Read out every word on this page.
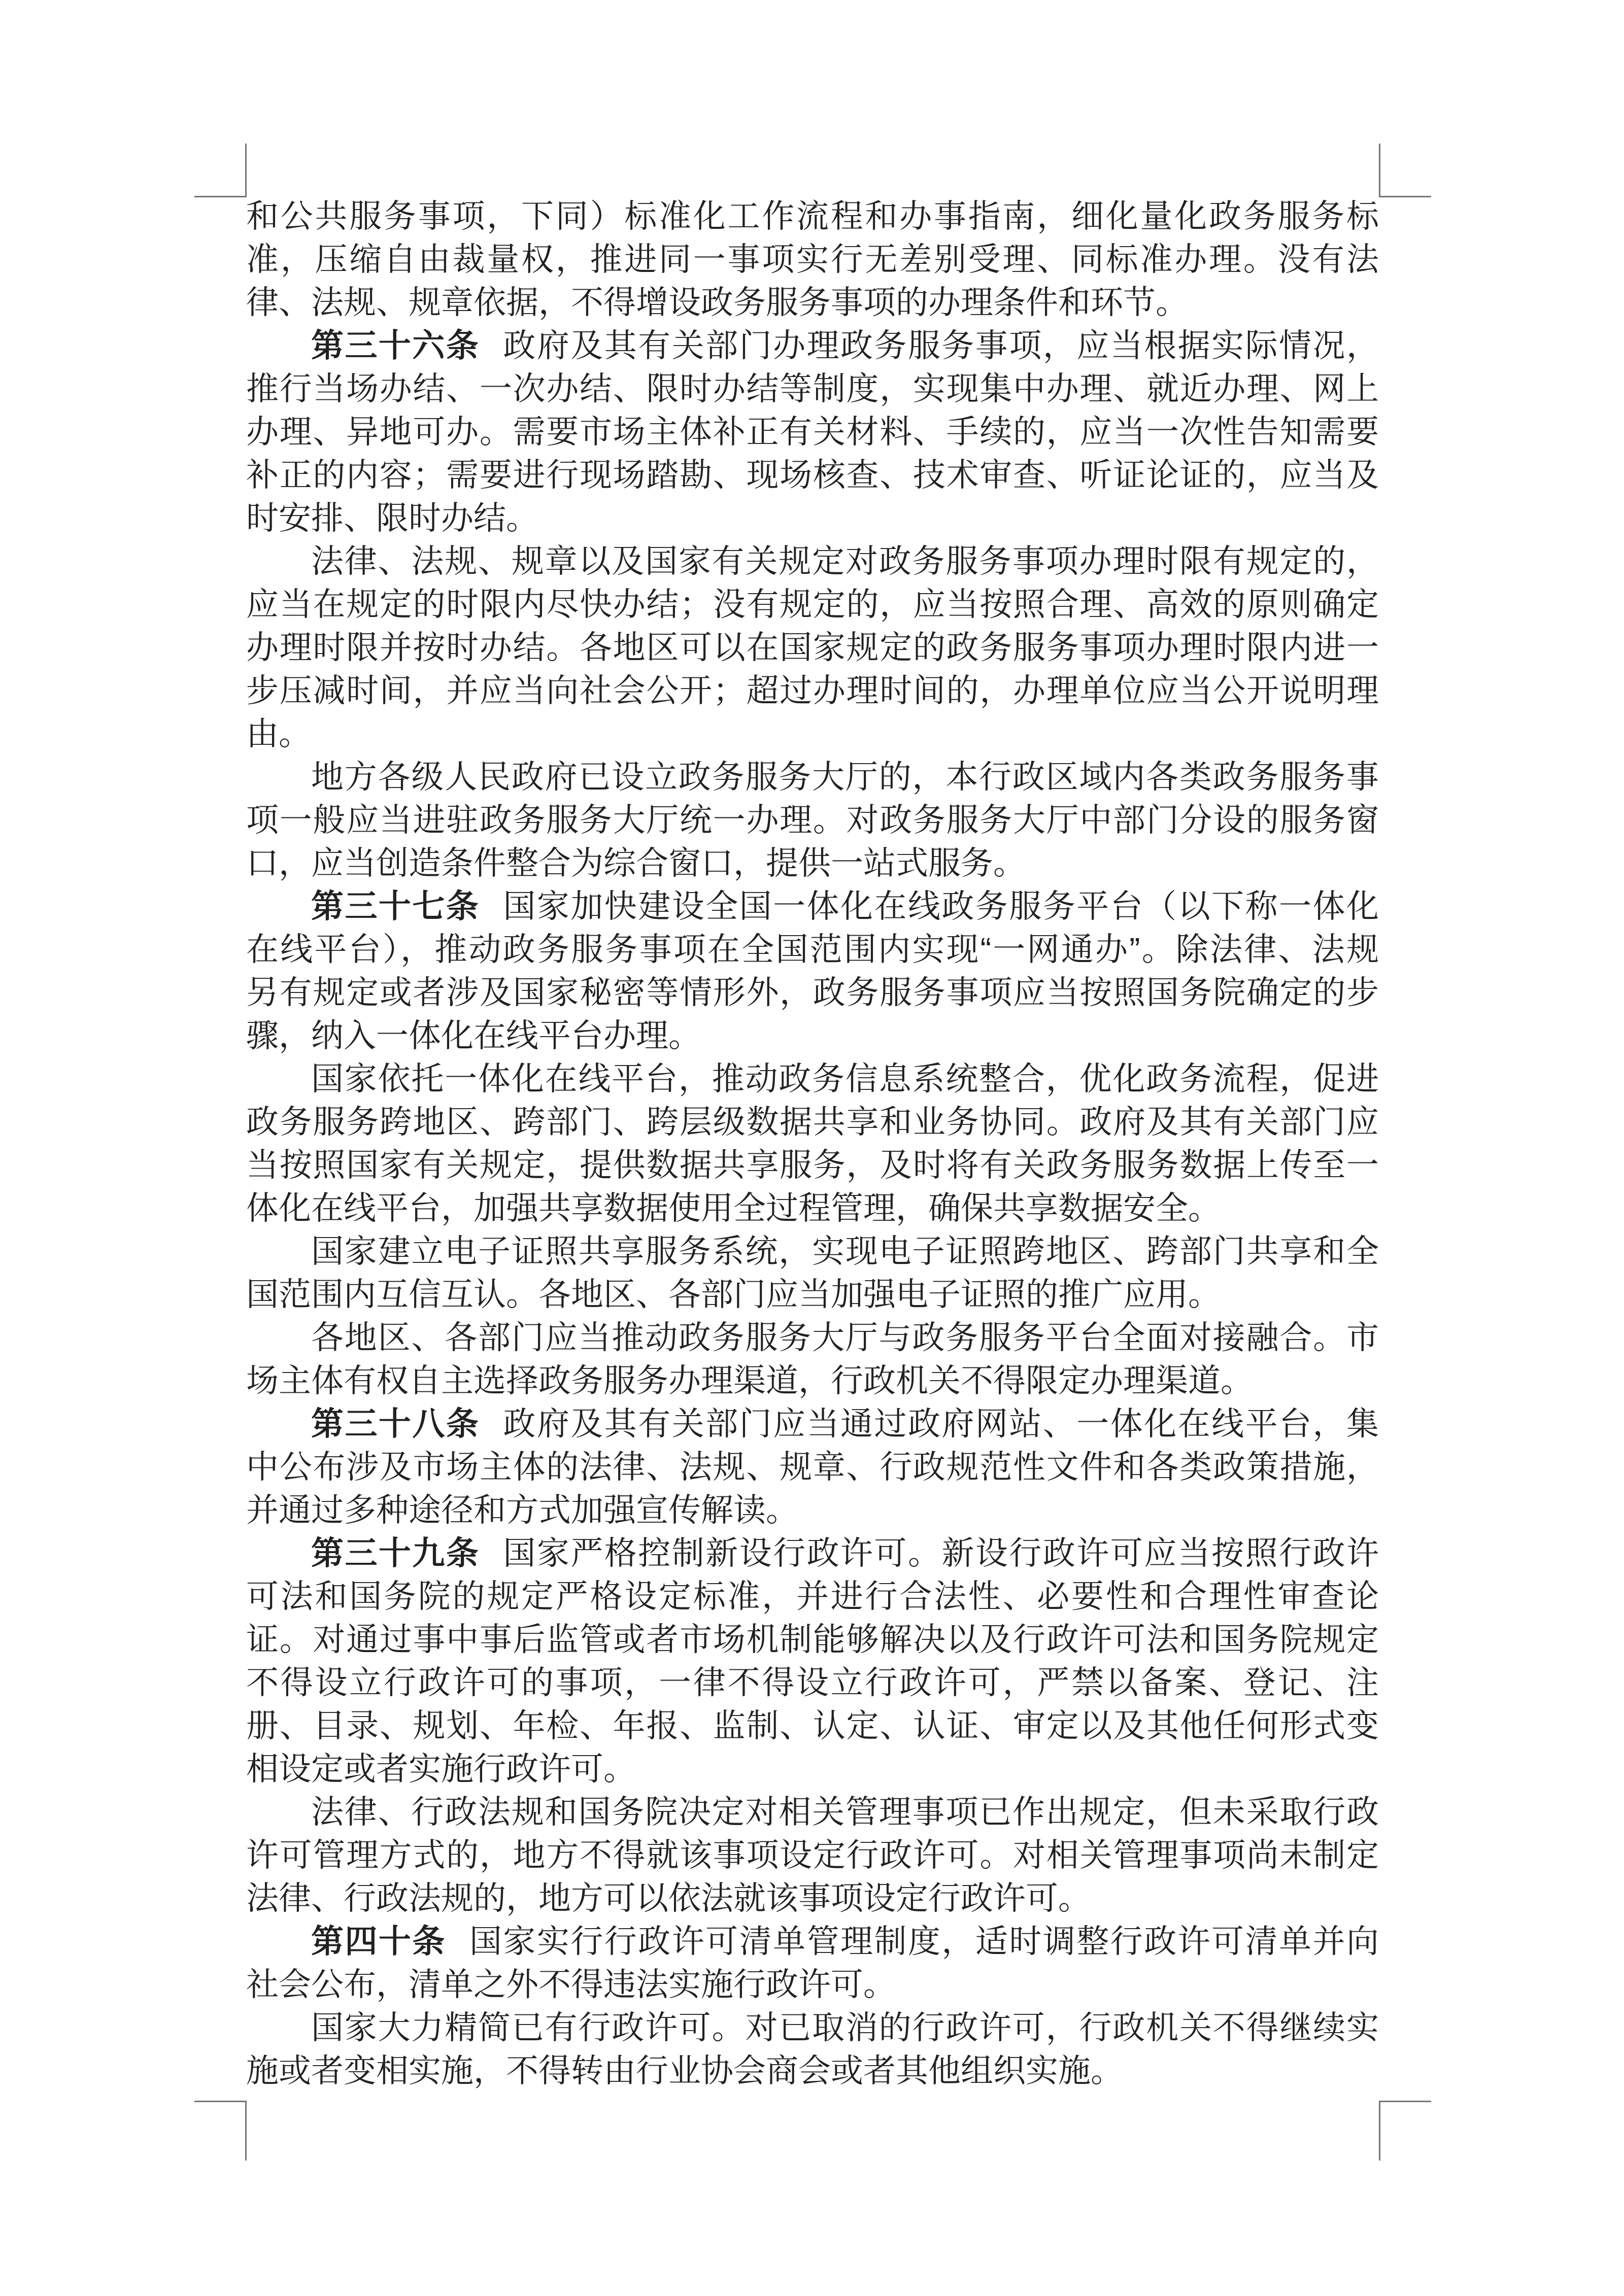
和公共服务事项，下同）标准化工作流程和办事指南，细化量化政务服务标
准，压缩自由裁量权，推进同一事项实行无差别受理、同标准办理。没有法
律、法规、规章依据，不得增设政务服务事项的办理条件和环节。
第三十六条 政府及其有关部门办理政务服务事项，应当根据实际情况，
推行当场办结、一次办结、限时办结等制度，实现集中办理、就近办理、网上
办理、异地可办。需要市场主体补正有关材料、手续的，应当一次性告知需要
补正的内容；需要进行现场踏勘、现场核查、技术审查、听证论证的，应当及
时安排、限时办结。
法律、法规、规章以及国家有关规定对政务服务事项办理时限有规定的，
应当在规定的时限内尽快办结；没有规定的，应当按照合理、高效的原则确定
办理时限并按时办结。各地区可以在国家规定的政务服务事项办理时限内进一
步压减时间，并应当向社会公开；超过办理时间的，办理单位应当公开说明理
由。
地方各级人民政府已设立政务服务大厅的，本行政区域内各类政务服务事
项一般应当进驻政务服务大厅统一办理。对政务服务大厅中部门分设的服务窗
口，应当创造条件整合为综合窗口，提供一站式服务。
第三十七条 国家加快建设全国一体化在线政务服务平台（以下称一体化
在线平台），推动政务服务事项在全国范围内实现“一网通办”。除法律、法规
另有规定或者涉及国家秘密等情形外，政务服务事项应当按照国务院确定的步
骤，纳入一体化在线平台办理。
国家依托一体化在线平台，推动政务信息系统整合，优化政务流程，促进
政务服务跨地区、跨部门、跨层级数据共享和业务协同。政府及其有关部门应
当按照国家有关规定，提供数据共享服务，及时将有关政务服务数据上传至一
体化在线平台，加强共享数据使用全过程管理，确保共享数据安全。
国家建立电子证照共享服务系统，实现电子证照跨地区、跨部门共享和全
国范围内互信互认。各地区、各部门应当加强电子证照的推广应用。
各地区、各部门应当推动政务服务大厅与政务服务平台全面对接融合。市
场主体有权自主选择政务服务办理渠道，行政机关不得限定办理渠道。
第三十八条 政府及其有关部门应当通过政府网站、一体化在线平台，集
中公布涉及市场主体的法律、法规、规章、行政规范性文件和各类政策措施，
并通过多种途径和方式加强宣传解读。
第三十九条 国家严格控制新设行政许可。新设行政许可应当按照行政许
可法和国务院的规定严格设定标准，并进行合法性、必要性和合理性审查论
证。对通过事中事后监管或者市场机制能够解决以及行政许可法和国务院规定
不得设立行政许可的事项，一律不得设立行政许可，严禁以备案、登记、注
册、目录、规划、年检、年报、监制、认定、认证、审定以及其他任何形式变
相设定或者实施行政许可。
法律、行政法规和国务院决定对相关管理事项已作出规定，但未采取行政
许可管理方式的，地方不得就该事项设定行政许可。对相关管理事项尚未制定
法律、行政法规的，地方可以依法就该事项设定行政许可。
第四十条 国家实行行政许可清单管理制度，适时调整行政许可清单并向
社会公布，清单之外不得违法实施行政许可。
国家大力精简已有行政许可。对已取消的行政许可，行政机关不得继续实
施或者变相实施，不得转由行业协会商会或者其他组织实施。
